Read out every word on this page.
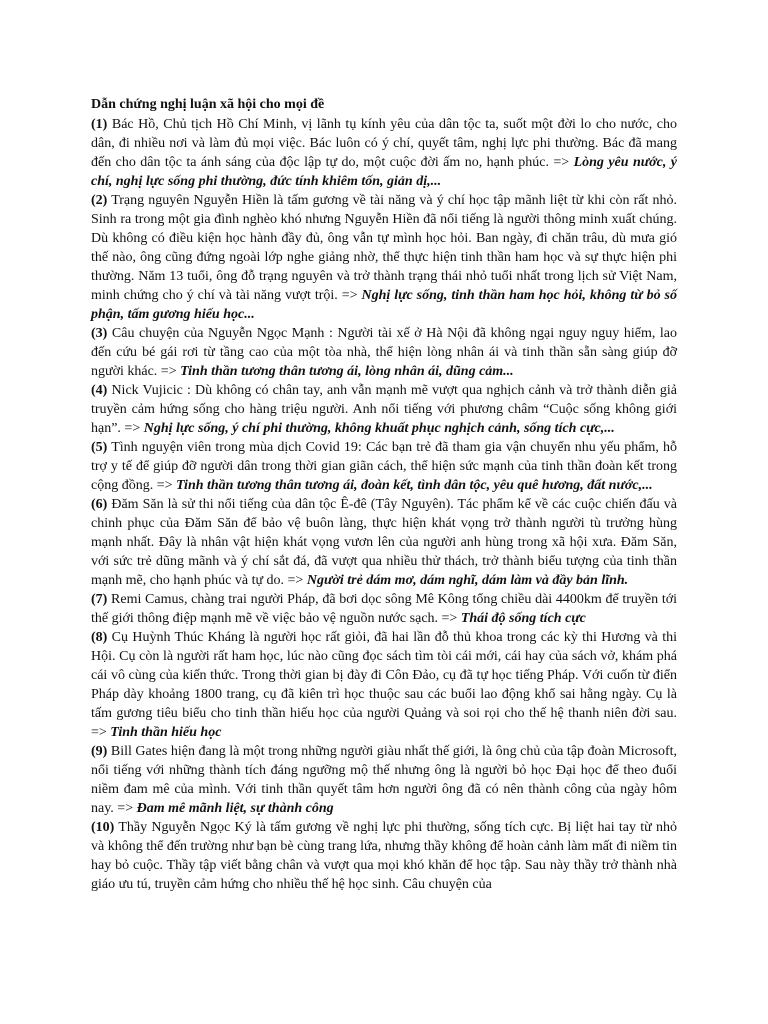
Dẫn chứng nghị luận xã hội cho mọi đề

(1) Bác Hồ, Chủ tịch Hồ Chí Minh, vị lãnh tụ kính yêu của dân tộc ta, suốt một đời lo cho nước, cho dân, đi nhiều nơi và làm đủ mọi việc. Bác luôn có ý chí, quyết tâm, nghị lực phi thường. Bác đã mang đến cho dân tộc ta ánh sáng của độc lập tự do, một cuộc đời ấm no, hạnh phúc. => Lòng yêu nước, ý chí, nghị lực sống phi thường, đức tính khiêm tốn, giản dị,...

(2) Trạng nguyên Nguyễn Hiền là tấm gương về tài năng và ý chí học tập mãnh liệt từ khi còn rất nhỏ. Sinh ra trong một gia đình nghèo khó nhưng Nguyễn Hiền đã nổi tiếng là người thông minh xuất chúng. Dù không có điều kiện học hành đầy đủ, ông vẫn tự mình học hỏi. Ban ngày, đi chăn trâu, dù mưa gió thế nào, ông cũng đứng ngoài lớp nghe giảng nhờ, thể thực hiện tinh thần ham học và sự thực hiện phi thường. Năm 13 tuổi, ông đỗ trạng nguyên và trở thành trạng thái nhỏ tuổi nhất trong lịch sử Việt Nam, minh chứng cho ý chí và tài năng vượt trội. => Nghị lực sống, tinh thần ham học hỏi, không từ bỏ số phận, tấm gương hiếu học...

(3) Câu chuyện của Nguyễn Ngọc Mạnh : Người tài xế ở Hà Nội đã không ngại nguy nguy hiểm, lao đến cứu bé gái rơi từ tầng cao của một tòa nhà, thể hiện lòng nhân ái và tinh thần sẵn sàng giúp đỡ người khác. => Tinh thần tương thân tương ái, lòng nhân ái, dũng cảm...

(4) Nick Vujicic : Dù không có chân tay, anh vẫn mạnh mẽ vượt qua nghịch cảnh và trở thành diễn giả truyền cảm hứng sống cho hàng triệu người. Anh nổi tiếng với phương châm “Cuộc sống không giới hạn”. => Nghị lực sống, ý chí phi thường, không khuất phục nghịch cảnh, sống tích cực,...

(5) Tình nguyện viên trong mùa dịch Covid 19: Các bạn trẻ đã tham gia vận chuyển nhu yếu phẩm, hỗ trợ y tế để giúp đỡ người dân trong thời gian giãn cách, thể hiện sức mạnh của tinh thần đoàn kết trong cộng đồng. => Tinh thần tương thân tương ái, đoàn kết, tình dân tộc, yêu quê hương, đất nước,...

(6) Đăm Săn là sử thi nổi tiếng của dân tộc Ê-đê (Tây Nguyên). Tác phẩm kể về các cuộc chiến đấu và chinh phục của Đăm Săn để bảo vệ buôn làng, thực hiện khát vọng trở thành người tù trưởng hùng mạnh nhất. Đây là nhân vật hiện khát vọng vươn lên của người anh hùng trong xã hội xưa. Đăm Săn, với sức trẻ dũng mãnh và ý chí sắt đá, đã vượt qua nhiều thử thách, trở thành biểu tượng của tinh thần mạnh mẽ, cho hạnh phúc và tự do. => Người trẻ dám mơ, dám nghĩ, dám làm và đầy bản lĩnh.

(7) Remi Camus, chàng trai người Pháp, đã bơi dọc sông Mê Kông tổng chiều dài 4400km để truyền tới thế giới thông điệp mạnh mẽ về việc bảo vệ nguồn nước sạch. => Thái độ sống tích cực

(8) Cụ Huỳnh Thúc Kháng là người học rất giỏi, đã hai lần đỗ thủ khoa trong các kỳ thi Hương và thi Hội. Cụ còn là người rất ham học, lúc nào cũng đọc sách tìm tòi cái mới, cái hay của sách vở, khám phá cái vô cùng của kiến thức. Trong thời gian bị đày đi Côn Đảo, cụ đã tự học tiếng Pháp. Với cuốn từ điển Pháp dày khoảng 1800 trang, cụ đã kiên trì học thuộc sau các buổi lao động khổ sai hằng ngày. Cụ là tấm gương tiêu biểu cho tinh thần hiếu học của người Quảng và soi rọi cho thế hệ thanh niên đời sau. => Tinh thần hiếu học

(9) Bill Gates hiện đang là một trong những người giàu nhất thế giới, là ông chủ của tập đoàn Microsoft, nổi tiếng với những thành tích đáng ngưỡng mộ thế nhưng ông là người bỏ học Đại học để theo đuổi niềm đam mê của mình. Với tinh thần quyết tâm hơn người ông đã có nên thành công của ngày hôm nay. => Đam mê mãnh liệt, sự thành công

(10) Thầy Nguyễn Ngọc Ký là tấm gương về nghị lực phi thường, sống tích cực. Bị liệt hai tay từ nhỏ và không thể đến trường như bạn bè cùng trang lứa, nhưng thầy không để hoàn cảnh làm mất đi niềm tin hay bỏ cuộc. Thầy tập viết bằng chân và vượt qua mọi khó khăn để học tập. Sau này thầy trở thành nhà giáo ưu tú, truyền cảm hứng cho nhiều thế hệ học sinh. Câu chuyện của
